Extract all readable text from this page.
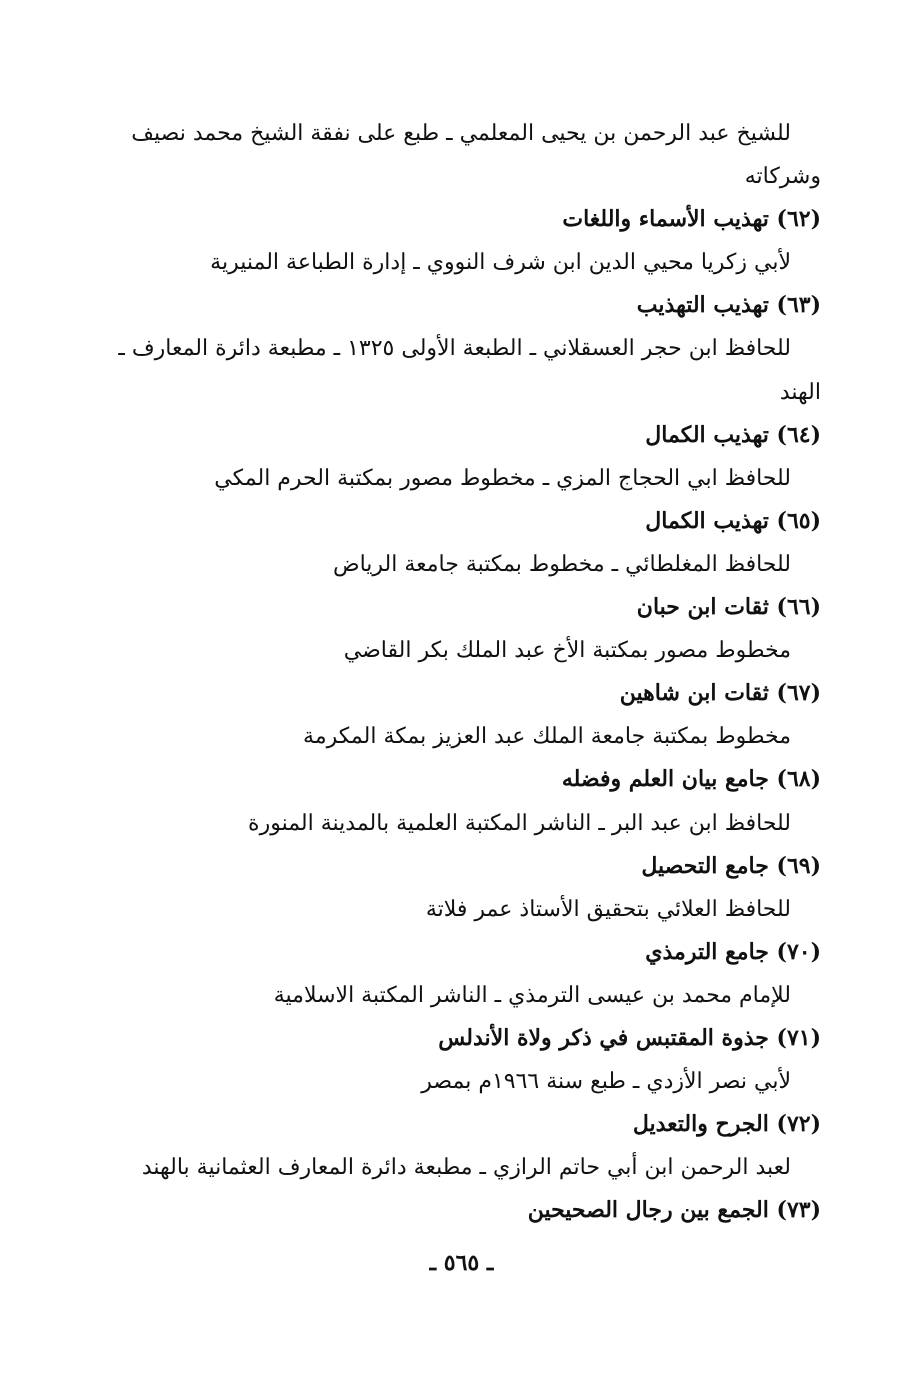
للشيخ عبد الرحمن بن يحيى المعلمي ـ طبع على نفقة الشيخ محمد نصيف
وشركاته
(٦٢) تهذيب الأسماء واللغات
لأبي زكريا محيي الدين ابن شرف النووي ـ إدارة الطباعة المنيرية
(٦٣) تهذيب التهذيب
للحافظ ابن حجر العسقلاني ـ الطبعة الأولى ١٣٢٥ ـ مطبعة دائرة المعارف ـ
الهند
(٦٤) تهذيب الكمال
للحافظ ابي الحجاج المزي ـ مخطوط مصور بمكتبة الحرم المكي
(٦٥) تهذيب الكمال
للحافظ المغلطائي ـ مخطوط بمكتبة جامعة الرياض
(٦٦) ثقات ابن حبان
مخطوط مصور بمكتبة الأخ عبد الملك بكر القاضي
(٦٧) ثقات ابن شاهين
مخطوط بمكتبة جامعة الملك عبد العزيز بمكة المكرمة
(٦٨) جامع بيان العلم وفضله
للحافظ ابن عبد البر ـ الناشر المكتبة العلمية بالمدينة المنورة
(٦٩) جامع التحصيل
للحافظ العلائي بتحقيق الأستاذ عمر فلاتة
(٧٠) جامع الترمذي
للإمام محمد بن عيسى الترمذي ـ الناشر المكتبة الاسلامية
(٧١) جذوة المقتبس في ذكر ولاة الأندلس
لأبي نصر الأزدي ـ طبع سنة ١٩٦٦م بمصر
(٧٢) الجرح والتعديل
لعبد الرحمن ابن أبي حاتم الرازي ـ مطبعة دائرة المعارف العثمانية بالهند
(٧٣) الجمع بين رجال الصحيحين
ـ ٥٦٥ ـ
